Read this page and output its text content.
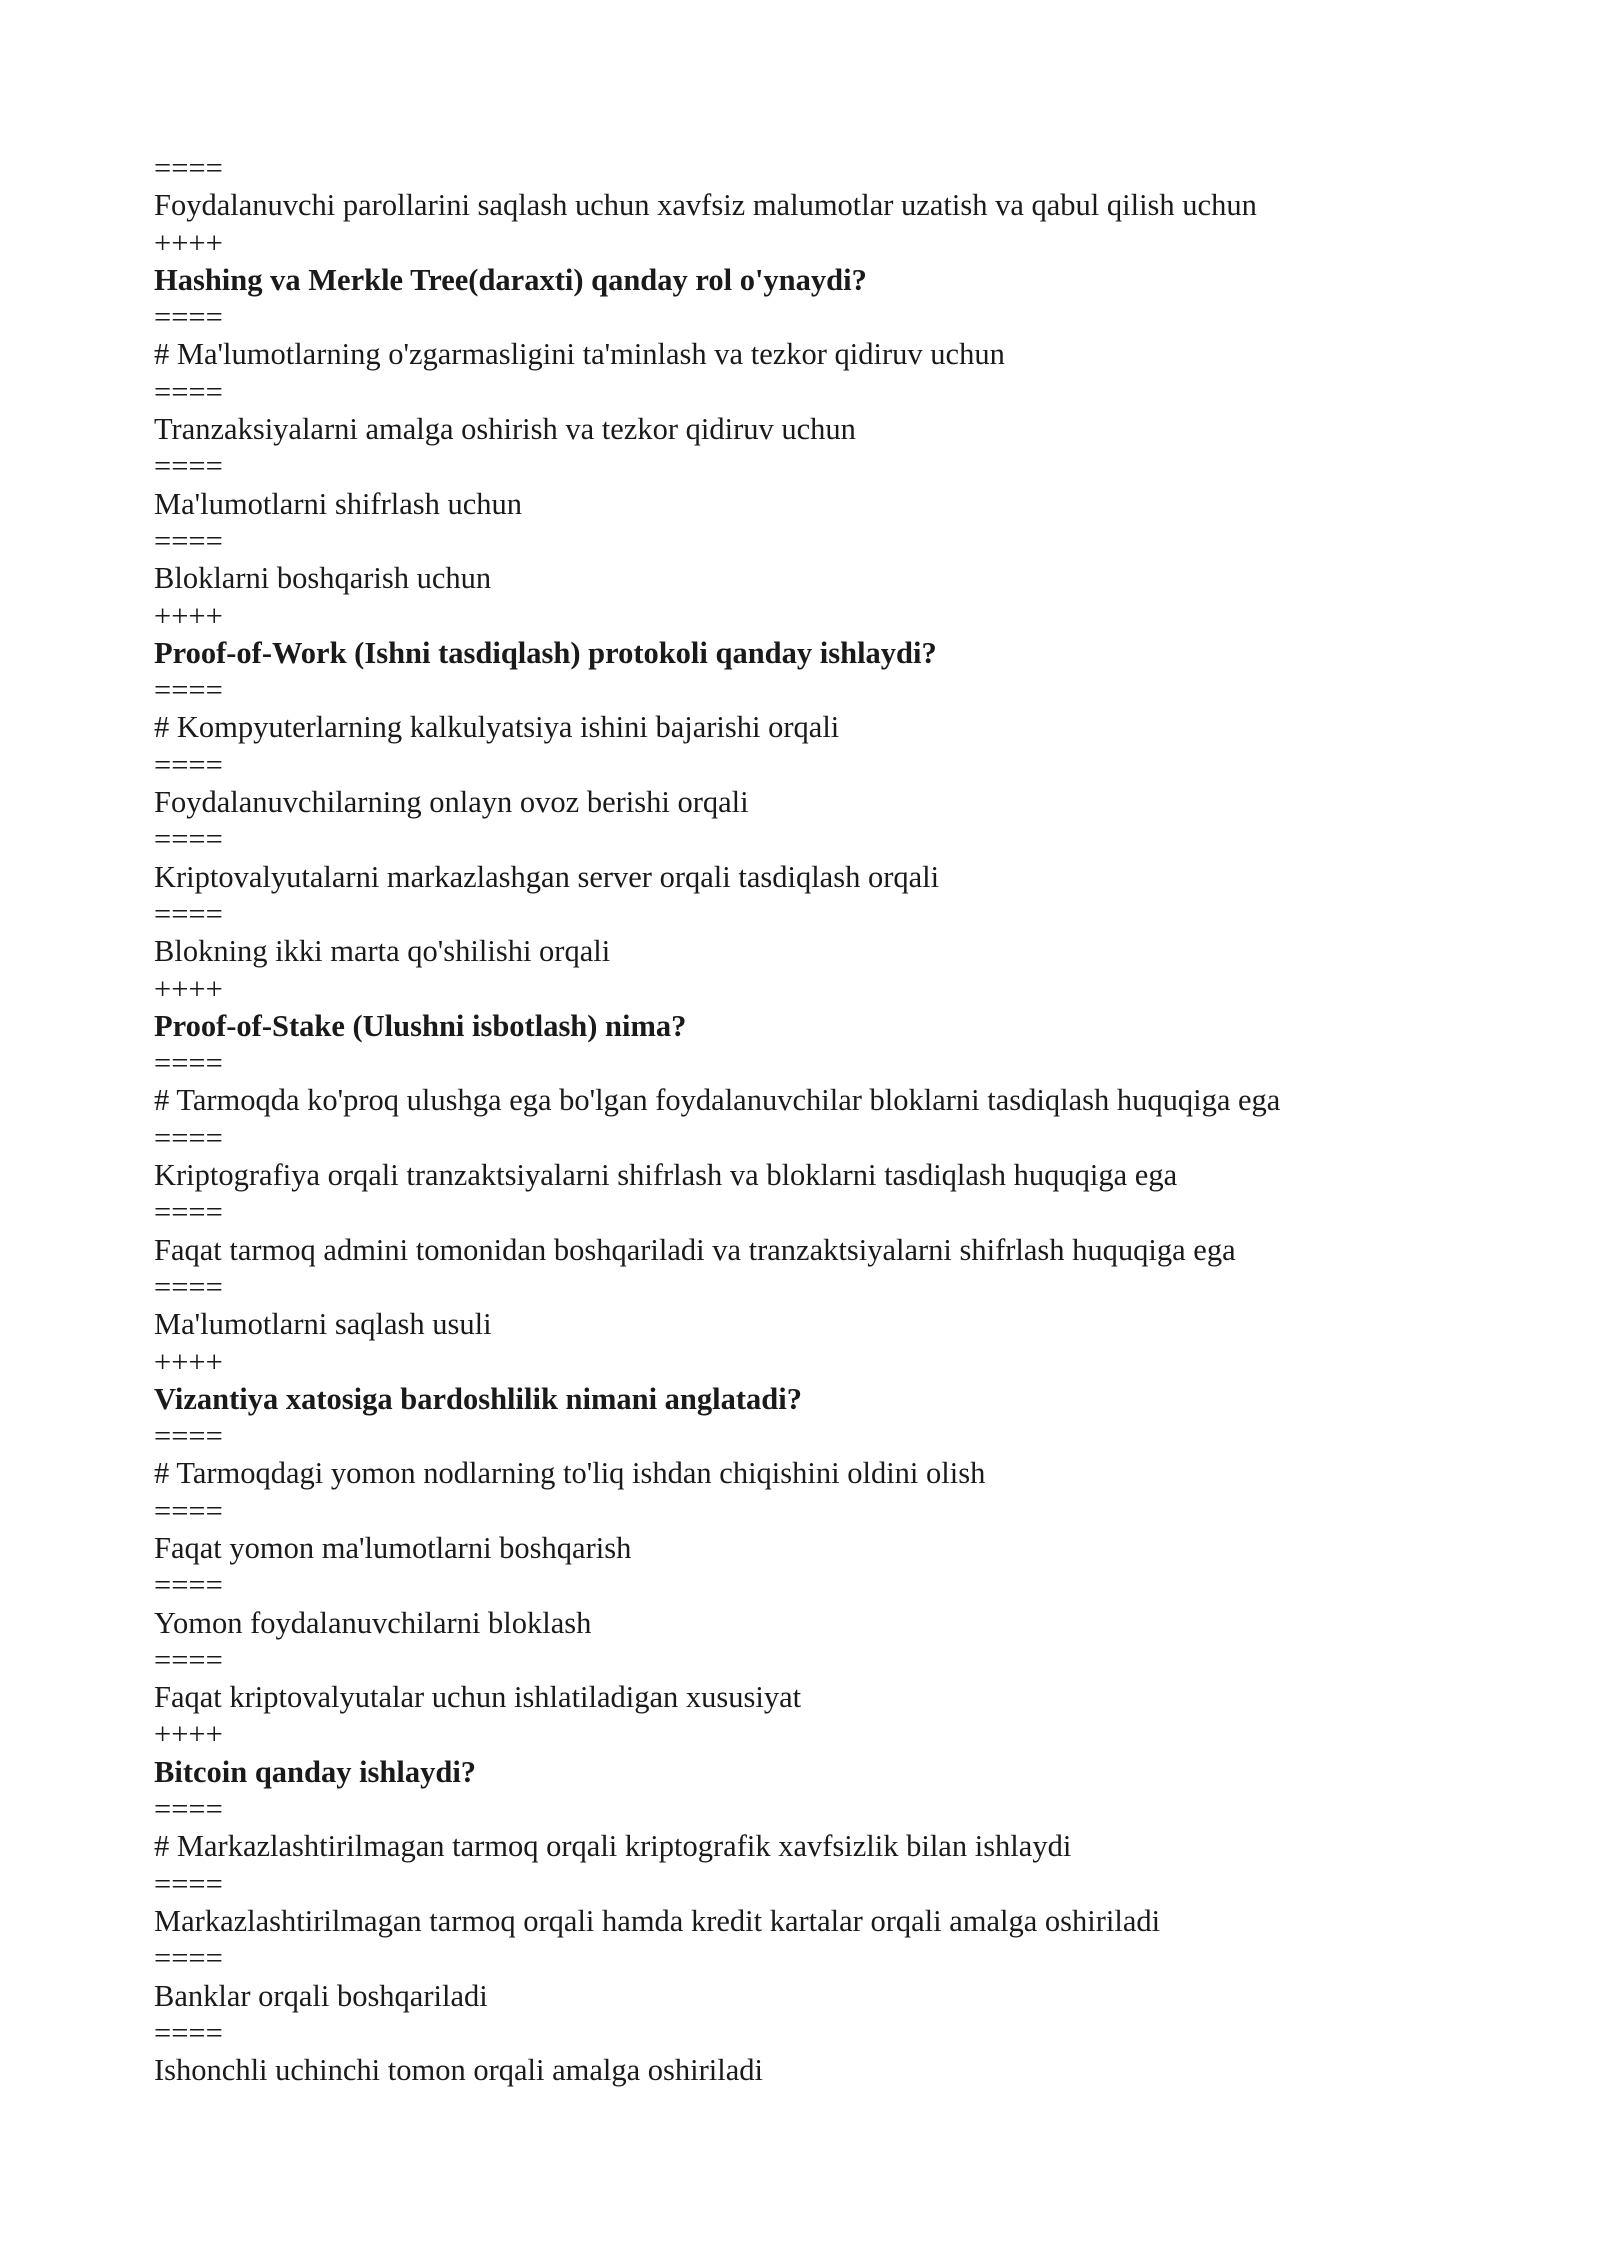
====
Foydalanuvchi parollarini saqlash uchun xavfsiz malumotlar uzatish va qabul qilish uchun
++++
Hashing va Merkle Tree(daraxti) qanday rol o'ynaydi?
====
# Ma'lumotlarning o'zgarmasligini ta'minlash va tezkor qidiruv uchun
====
Tranzaksiyalarni amalga oshirish va tezkor qidiruv uchun
====
Ma'lumotlarni shifrlash uchun
====
Bloklarni boshqarish uchun
++++
Proof-of-Work (Ishni tasdiqlash) protokoli qanday ishlaydi?
====
# Kompyuterlarning kalkulyatsiya ishini bajarishi orqali
====
Foydalanuvchilarning onlayn ovoz berishi orqali
====
Kriptovalyutalarni markazlashgan server orqali tasdiqlash orqali
====
Blokning ikki marta qo'shilishi orqali
++++
Proof-of-Stake (Ulushni isbotlash) nima?
====
# Tarmoqda ko'proq ulushga ega bo'lgan foydalanuvchilar bloklarni tasdiqlash huquqiga ega
====
Kriptografiya orqali tranzaktsiyalarni shifrlash va bloklarni tasdiqlash huquqiga ega
====
Faqat tarmoq admini tomonidan boshqariladi va tranzaktsiyalarni shifrlash huquqiga ega
====
Ma'lumotlarni saqlash usuli
++++
Vizantiya xatosiga bardoshlilik nimani anglatadi?
====
# Tarmoqdagi yomon nodlarning to'liq ishdan chiqishini oldini olish
====
Faqat yomon ma'lumotlarni boshqarish
====
Yomon foydalanuvchilarni bloklash
====
Faqat kriptovalyutalar uchun ishlatiladigan xususiyat
++++
Bitcoin qanday ishlaydi?
====
# Markazlashtirilmagan tarmoq orqali kriptografik xavfsizlik bilan ishlaydi
====
Markazlashtirilmagan tarmoq orqali hamda kredit kartalar orqali amalga oshiriladi
====
Banklar orqali boshqariladi
====
Ishonchli uchinchi tomon orqali amalga oshiriladi
